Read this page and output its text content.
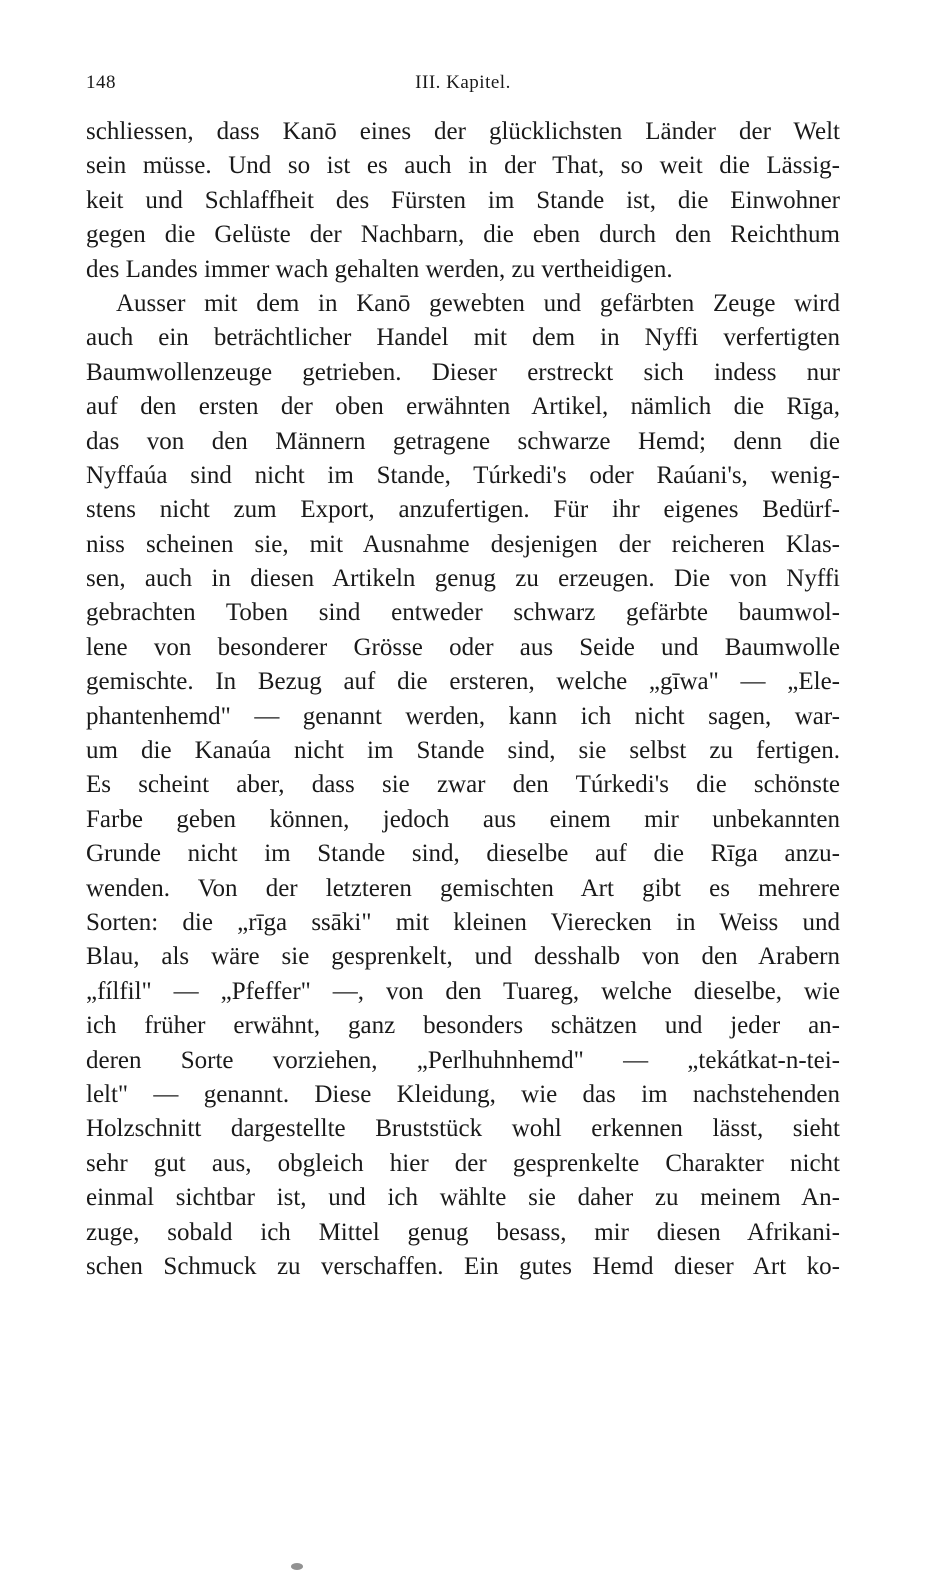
148	III. Kapitel.
schliessen, dass Kanō eines der glücklichsten Länder der Welt
sein müsse. Und so ist es auch in der That, so weit die Lässig-
keit und Schlaffheit des Fürsten im Stande ist, die Einwohner
gegen die Gelüste der Nachbarn, die eben durch den Reichthum
des Landes immer wach gehalten werden, zu vertheidigen.
Ausser mit dem in Kanō gewebten und gefärbten Zeuge wird
auch ein beträchtlicher Handel mit dem in Nyffi verfertigten
Baumwollenzeuge getrieben. Dieser erstreckt sich indess nur
auf den ersten der oben erwähnten Artikel, nämlich die Rīga,
das von den Männern getragene schwarze Hemd; denn die
Nyffaúa sind nicht im Stande, Túrkedi's oder Raúani's, wenig-
stens nicht zum Export, anzufertigen. Für ihr eigenes Bedürf-
niss scheinen sie, mit Ausnahme desjenigen der reicheren Klas-
sen, auch in diesen Artikeln genug zu erzeugen. Die von Nyffi
gebrachten Toben sind entweder schwarz gefärbte baumwol-
lene von besonderer Grösse oder aus Seide und Baumwolle
gemischte. In Bezug auf die ersteren, welche „gīwa" — „Ele-
phantenhemd" — genannt werden, kann ich nicht sagen, war-
um die Kanaúa nicht im Stande sind, sie selbst zu fertigen.
Es scheint aber, dass sie zwar den Túrkedi's die schönste
Farbe geben können, jedoch aus einem mir unbekannten
Grunde nicht im Stande sind, dieselbe auf die Rīga anzu-
wenden. Von der letzteren gemischten Art gibt es mehrere
Sorten: die „rīga ssāki" mit kleinen Vierecken in Weiss und
Blau, als wäre sie gesprenkelt, und desshalb von den Arabern
„fílfil" — „Pfeffer" —, von den Tuareg, welche dieselbe, wie
ich früher erwähnt, ganz besonders schätzen und jeder an-
deren Sorte vorziehen, „Perlhuhnhemd" — „tekátkat-n-tei-
lelt" — genannt. Diese Kleidung, wie das im nachstehenden
Holzschnitt dargestellte Bruststück wohl erkennen lässt, sieht
sehr gut aus, obgleich hier der gesprenkelte Charakter nicht
einmal sichtbar ist, und ich wählte sie daher zu meinem An-
zuge, sobald ich Mittel genug besass, mir diesen Afrikani-
schen Schmuck zu verschaffen. Ein gutes Hemd dieser Art ko-
